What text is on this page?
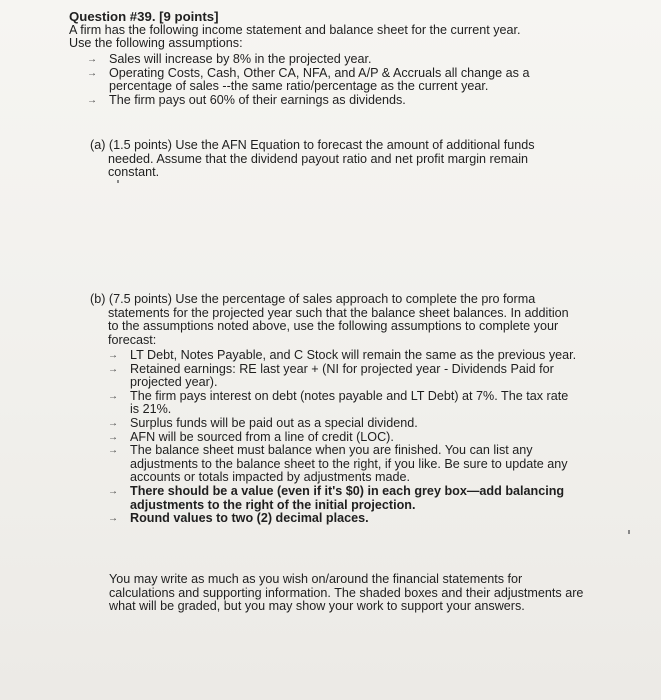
Question #39. [9 points]
A firm has the following income statement and balance sheet for the current year.
Use the following assumptions:
→ Sales will increase by 8% in the projected year.
→ Operating Costs, Cash, Other CA, NFA, and A/P & Accruals all change as a percentage of sales --the same ratio/percentage as the current year.
→ The firm pays out 60% of their earnings as dividends.
(a) (1.5 points) Use the AFN Equation to forecast the amount of additional funds needed. Assume that the dividend payout ratio and net profit margin remain constant.
(b) (7.5 points) Use the percentage of sales approach to complete the pro forma statements for the projected year such that the balance sheet balances. In addition to the assumptions noted above, use the following assumptions to complete your forecast:
→ LT Debt, Notes Payable, and C Stock will remain the same as the previous year.
→ Retained earnings: RE last year + (NI for projected year - Dividends Paid for projected year).
→ The firm pays interest on debt (notes payable and LT Debt) at 7%. The tax rate is 21%.
→ Surplus funds will be paid out as a special dividend.
→ AFN will be sourced from a line of credit (LOC).
→ The balance sheet must balance when you are finished. You can list any adjustments to the balance sheet to the right, if you like. Be sure to update any accounts or totals impacted by adjustments made.
→ There should be a value (even if it's $0) in each grey box—add balancing adjustments to the right of the initial projection.
→ Round values to two (2) decimal places.
You may write as much as you wish on/around the financial statements for calculations and supporting information. The shaded boxes and their adjustments are what will be graded, but you may show your work to support your answers.
